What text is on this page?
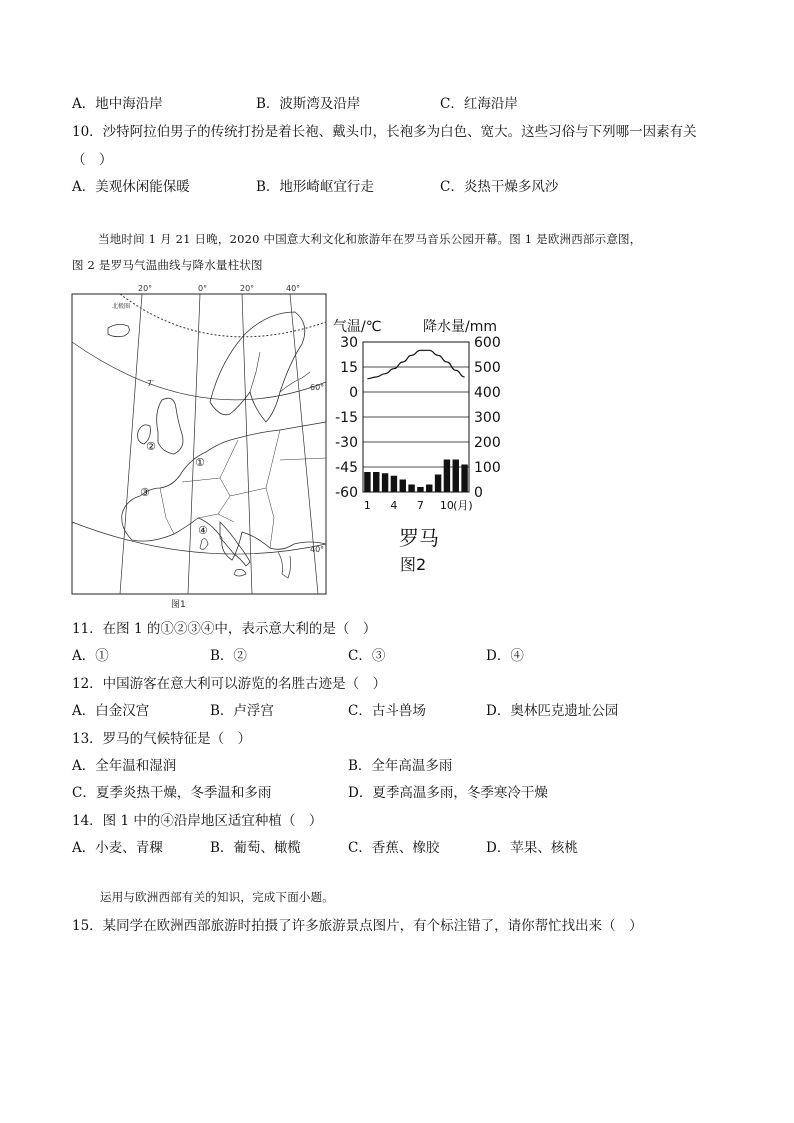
A．地中海沿岸	B．波斯湾及沿岸	C．红海沿岸
10．沙特阿拉伯男子的传统打扮是着长袍、戴头巾，长袍多为白色、宽大。这些习俗与下列哪一因素有关
（　）
A．美观休闲能保暖	B．地形崎岖宜行走	C．炎热干燥多风沙
当地时间 1 月 21 日晚，2020 中国意大利文化和旅游年在罗马音乐公园开幕。图 1 是欧洲西部示意图，
图 2 是罗马气温曲线与降水量柱状图
20°	0°	20°	40°
60°
40°
北极圈
7′
②
①
③
④
图1
气温/℃	降水量/mm
30	600
15	500
0	400
-15	300
-30	200
-45	100
-60	0
1 4 7 10 (月)
罗马
图2
11．在图 1 的①②③④中，表示意大利的是（　）
A．①	B．②	C．③	D．④
12．中国游客在意大利可以游览的名胜古迹是（　）
A．白金汉宫	B．卢浮宫	C．古斗兽场	D．奥林匹克遗址公园
13．罗马的气候特征是（　）
A．全年温和湿润	B．全年高温多雨
C．夏季炎热干燥，冬季温和多雨	D．夏季高温多雨，冬季寒冷干燥
14．图 1 中的④沿岸地区适宜种植（　）
A．小麦、青稞	B．葡萄、橄榄	C．香蕉、橡胶	D．苹果、核桃
运用与欧洲西部有关的知识，完成下面小题。
15．某同学在欧洲西部旅游时拍摄了许多旅游景点图片，有个标注错了，请你帮忙找出来（　）
